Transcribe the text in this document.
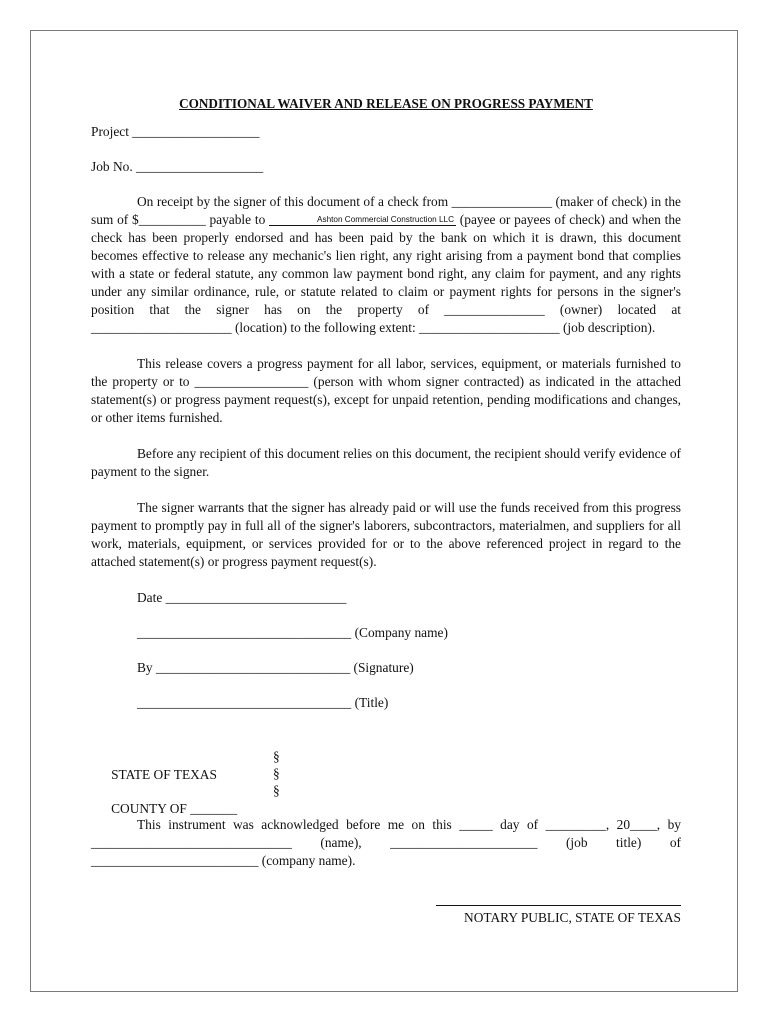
CONDITIONAL WAIVER AND RELEASE ON PROGRESS PAYMENT

Project ___________________

Job No. ___________________

On receipt by the signer of this document of a check from _______________ (maker of check) in the sum of $__________ payable to	Ashton Commercial Construction LLC (payee or payees of check) and when the check has been properly endorsed and has been paid by the bank on which it is drawn, this document becomes effective to release any mechanic's lien right, any right arising from a payment bond that complies with a state or federal statute, any common law payment bond right, any claim for payment, and any rights under any similar ordinance, rule, or statute related to claim or payment rights for persons in the signer's position that the signer has on the property of _______________ (owner) located at _____________________ (location) to the following extent: _____________________ (job description).

This release covers a progress payment for all labor, services, equipment, or materials furnished to the property or to _________________ (person with whom signer contracted) as indicated in the attached statement(s) or progress payment request(s), except for unpaid retention, pending modifications and changes, or other items furnished.

Before any recipient of this document relies on this document, the recipient should verify evidence of payment to the signer.

The signer warrants that the signer has already paid or will use the funds received from this progress payment to promptly pay in full all of the signer's laborers, subcontractors, materialmen, and suppliers for all work, materials, equipment, or services provided for or to the above referenced project in regard to the attached statement(s) or progress payment request(s).

Date ___________________________

________________________________ (Company name)

By _____________________________ (Signature)

________________________________ (Title)

STATE OF TEXAS

§

§

COUNTY OF _______

§

This instrument was acknowledged before me on this _____ day of _________, 20____, by ______________________________ (name), ______________________ (job title) of _________________________ (company name).

NOTARY PUBLIC, STATE OF TEXAS
